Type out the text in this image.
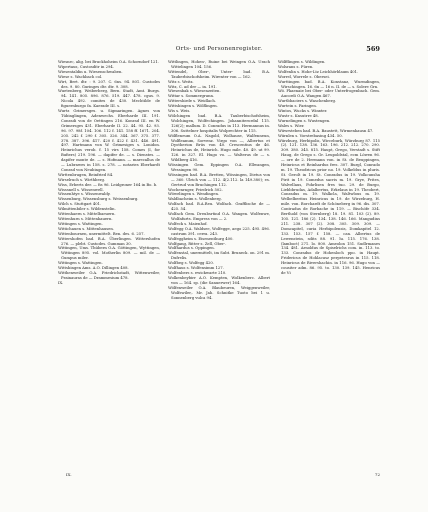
Orts- und Personenregister.	569

Wiesnrc, alig. bei Bruckhoheim O.A. Schorndorf 121.

Wipertaus, Custosditr in 294.

Wiesentaldin u. Wiesenschwaben.

Wiese s. Wachbach col.

Wirt, Bert. dtr. : 9. 207. C. 6ns. 94. 801. Custodes des. 9. 80. Guringes dtr. dtr. 9. 308.

Wuetenberg, Weiberberg, Bern. Stadt, Amt. Burgs. 94. 141. 805. 896. 876. 519. 447. 478. cgus. 9. Nicola 492. comites de 430. Mechtilde de figuernburgo fa. Kaerade III. s.

Wurtz Grimersges. u. Sigmaringen. Agnes von Tübinglingen, Adenwechs. Eberharde III. 191. Conradi von de Oettingen 216. Konrad III. en W. Grimersges 431. Eberharde II. 22. 44. 95. 42. 93. 96. 97. 98f. 104. 106. 112 f. 141. 158 ff. 1671. 204. 205. 242 f. 290 f. 305. 326. 344. 367. 375. 377. 378. 387. 396. 417. 420 f. 422 f. 431. 446. 491. 497. Hartmann von W. Grimesiges s. Lonidon. Heinrichus verob. f. 15 virs 158. Comes (I, for Bufiers) 219. 196. — dapifer de. — s. Dienstes. — dapifer monte de. — s. Hofmann. — marecallus de — Lubrawes in 158. s. 278. — notaries Eberhardt Conrad von Neubingen.

Wirttenbrugen, Reinfried 84.

Wirselruch s. Wirthberg.

Wiss, Erberts der. — fis 96. Leidgroner 164 in Bo. b.

Wisssnell s. Wissenwell.

Wissenhtye s. Wissenwaldy.

Wissenburg, Wissensburg s. Weissenburg.

Wilch s. Stuttgart 401.

Wilmittenbiler s. Wildenstelin.

Wittenhaern s. Mittelbaeuern.

Wittenhurn s. Mittenhauern.

Wittingen s. Wattingen.

Wittichauen s. Mittenhausen.

Wittenbournen, unermittelt. Ben. des. 6. 257.

Wittershofen bad. B.A. Überlingen. Wittershofen 276. — plebt. Custodes. Gumman 30.

Wittingen, Ums. Thübern O.A. Göttingen, Wyttingen, Wittingen 895. vol. Motherlin 809. — mil. de — Gumpus miler.

Wittingen s. Wattingen.

Wittshingen Ams. A.O. Dillingen 408.

Witthenweiler O.A. Friedrichstadt, Wittenweiler, Prainauras de — Drammesium 478.

IX.

Wittlingen, Hohen-, Ruine bei Weingen O.A. Urach Wittelingen 104. 156.

Wittendel, Ober-, Unter- bad. B.A. Tauberbischofsheim. Wirenter von — 162.

Witz s. Weitz.

Witz, C. ad der — in. 191.

Wiesenbak s. Wiesenzeiten.

Wittar s. Sommergrunn.

Wittershirde s. Weidlach.

Wittshingen s. Wölflingen.

Wis s. Weis.

Wölchingen bad. B.A. Tauberbischofsheim, Wolchingen, Wolfechingen. Johanniterordnl 115. 126(2); mallum. D. Conradus in 113. Hermannus in. 306. Suttelner hospitalis Wolprechter in 115.

Wölfleneum O.A. Nagold, Wolhause, Walfenneun, Wolfleanum, Sorvenz. Virgo von —, Albertus et Dyotherion Brüs von 40. Crescentius de 46. Heinrichus de, Heinrich. Hugo mile. 40. 49. ut 99. 126. in 327. El. Hugo vo. — Walterus de — s. Wildberg 416.

Wössingen Gem. Eppingen O.A. Ellwangen, Wessingen 90.

Wössingen bad. B.A. Bretten, Wössingen, Dietus von — 360. Ulrich von — 112. 4(2.112. la 149.380); es. Gertrud von Bruchingen 112.

Wochenrnger, Friedrich 502.

Wöwelingen s. Wendingen.

Waldbacheim s. Wollenberg.

Wolfach bad. B.A.Reu. Wolfach. Grafflische de — 425. 54.

Wolfach Gem. Dreubsrtind O.A. Wangen. Wolfenwe, Wolfafurts. Empress von — 2.

Wolfeck s. Maienhof.

Wolfegg O.A. Waldsee, Wolfegge, aego 225. 495. 496. castrum 391. cerra. 243.

Wolfeggheim s. Eisenenthurg 400.

Wolfgang, Ritter s. Zell, Ober-.

Wolfhardus s. Oppingen.

Wolfenstal, unermittelt, im Subt. Bruneck. on. 291 m. Dufrelis.

Wolfbeg s. Wolfegg 420.

Wolfhaus s. Wolfensimm 127.

Wolfenbers s. ewickwarte 210.

Wolkenbeybirr A.O. Kempten, Wolkenberc. Albert von — 164. sp. (die Sanuerwer) 164.

Wölfenweiler O.A. Blaubeuren, Weiggenweiler, Wolfswiler,. Mr. Jah. Schnitke Tuoto bei 1 u. Sonnenberg vulca 94.

Wölfflingen s. Wildingen.

Wolsrans s. Füren.

Wolfenlin s. Hohe-Ltz Leichhörblaum 401.

Worrel, Worrele s. Obersei.

Wurttingen bad. B.A. Konstanz, Wurmdingen, Wirschingen. 16. 6n — 16 n. II. de — s. Solere Grn.

Wö. Fkaenaie bei Ober- oder Unterfrogenbach. Gem. Aucordi O.A. Wangen 467.

Wurtbbaciers s. Waschenberg.

Wurtein s. Faringen.

Wintos, Wucks s. Winxter.

Wustr s. Knsutrre 48.

Wurnelingen s. Wustengen.

Wales s. Wier.

Wüwrsteben bad. B.A. Baustett, Wirmenhausn 47.

Würnlen s. Vorstrebasing 434. 50.

Würzburg, Herbipolis, Wirceburk, Würzburg 87. 115 (2). 121. 138. 136. 163. 196. 212. 212. 270. 290. 309. 380. 345. 815. Haupt, Grego, Verstadt s. Stift Haug, de Grego s. Gr. Leupoldstal, ecm Löwen 96. — ore de 2. Hermann von. in St. de Beuppingen, Heinricus et Reinhardus fres. 307. Burgl, Conrado m. 19. Theodricus prior no. 19. Volkeldus in pluris. St. Gerolt in 19. St. Conradus in 19. Volkcunsha Pirit in 19. Comedus sacris m. 19. Grye, Frites, Walvellaus, Fohrlisen fres tuo. 29. de Burgo, Liebbbrudas, Adalbertus, Erkelaus in 19. Theobert, Conradus m. 19. Walkcla, Waltwlous m. 19. Welbelberitus Heinricus in 19. de Wirzeburg, H. mile. von. Borchardt de Schöneberg in 96. dis. 307. Contradus de Rorbache in 119. — Bischöfe 334. Berthold (von Sternberg) 18. 19. 81. 103 (2). 89. 105. 121. 186 (2). 134. 138. 146. 166. Mangudins 211. 238. 307 (2). 308. 305. 309. 309. — Domcapitel, curia Herbipolensis, Domkapitel 12. 133. 153. 157 f. 158. — can. Albertus de Lewenstein, sdits 88. 91. lu. 115. 176. 138. (lamboct) 271. lo. 800. Ameolon 151. Sudlrmanes 134. 481. Arnoldus de Spiselrichs com. in. 113. to. 133. Conradus dr Hohenloch ppo. in Haupt. Fridericus de Hohlacusz perpetesrus in 115. 118. Heinricus de Rivershachin. in 116. 96. Hugo von — cousiter adm. 86. 95. to. 130. 139. 145. Henricus de Vi

IX.	72
